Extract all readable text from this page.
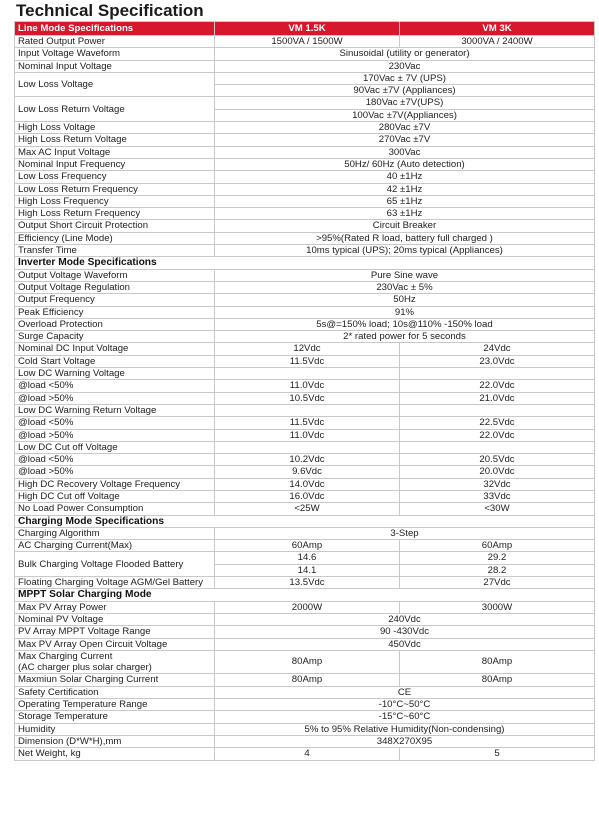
Technical Specification
Line Mode Specifications	VM 1.5K	VM 3K
Rated Output Power	1500VA / 1500W	3000VA / 2400W
Input Voltage Waveform	Sinusoidal (utility or generator)	
Nominal Input Voltage	230Vac	
Low Loss Voltage	170Vac ± 7V (UPS)	
	90Vac ±7V (Appliances)	
Low Loss Return Voltage	180Vac ±7V(UPS)	
	100Vac ±7V(Appliances)	
High Loss Voltage	280Vac ±7V	
High Loss Return Voltage	270Vac ±7V	
Max AC Input Voltage	300Vac	
Nominal Input Frequency	50Hz/ 60Hz (Auto detection)	
Low Loss Frequency	40 ±1Hz	
Low Loss Return Frequency	42 ±1Hz	
High Loss Frequency	65 ±1Hz	
High Loss Return Frequency	63 ±1Hz	
Output Short Circuit Protection	Circuit Breaker	
Efficiency (Line Mode)	>95%(Rated R load, battery full charged )	
Transfer Time	10ms typical (UPS); 20ms typical (Appliances)	
Inverter Mode Specifications		
Output Voltage Waveform	Pure Sine wave	
Output Voltage Regulation	230Vac ± 5%	
Output Frequency	50Hz	
Peak Efficiency	91%	
Overload Protection	5s@=150% load; 10s@110% -150% load	
Surge Capacity	2* rated power for 5 seconds	
Nominal DC Input Voltage	12Vdc	24Vdc
Cold Start Voltage	11.5Vdc	23.0Vdc
Low DC Warning Voltage		
@load <50%	11.0Vdc	22.0Vdc
@load >50%	10.5Vdc	21.0Vdc
Low DC Warning Return Voltage		
@load <50%	11.5Vdc	22.5Vdc
@load >50%	11.0Vdc	22.0Vdc
Low DC Cut off Voltage		
@load <50%	10.2Vdc	20.5Vdc
@load >50%	9.6Vdc	20.0Vdc
High DC Recovery Voltage Frequency	14.0Vdc	32Vdc
High DC Cut off Voltage	16.0Vdc	33Vdc
No Load Power Consumption	<25W	<30W
Charging Mode Specifications		
Charging Algorithm	3-Step	
AC Charging Current(Max)	60Amp	60Amp
Bulk Charging Voltage Flooded Battery	14.6	29.2
	14.1	28.2
Floating Charging Voltage AGM/Gel Battery	13.5Vdc	27Vdc
MPPT Solar Charging Mode		
Max PV Array Power	2000W	3000W
Nominal PV Voltage	240Vdc	
PV Array MPPT Voltage Range	90 -430Vdc	
Max PV Array Open Circuit Voltage	450Vdc	

Max Charging Current
(AC charger plus solar charger)	80Amp	80Amp
Maxmiun Solar Charging Current	80Amp	80Amp
Safety Certification	CE	
Operating Temperature Range	-10°C~50°C	
Storage Temperature	-15°C~60°C	
Humidity	5% to 95% Relative Humidity(Non-condensing)	
Dimension (D*W*H),mm	348X270X95	
Net Weight, kg	4	5
